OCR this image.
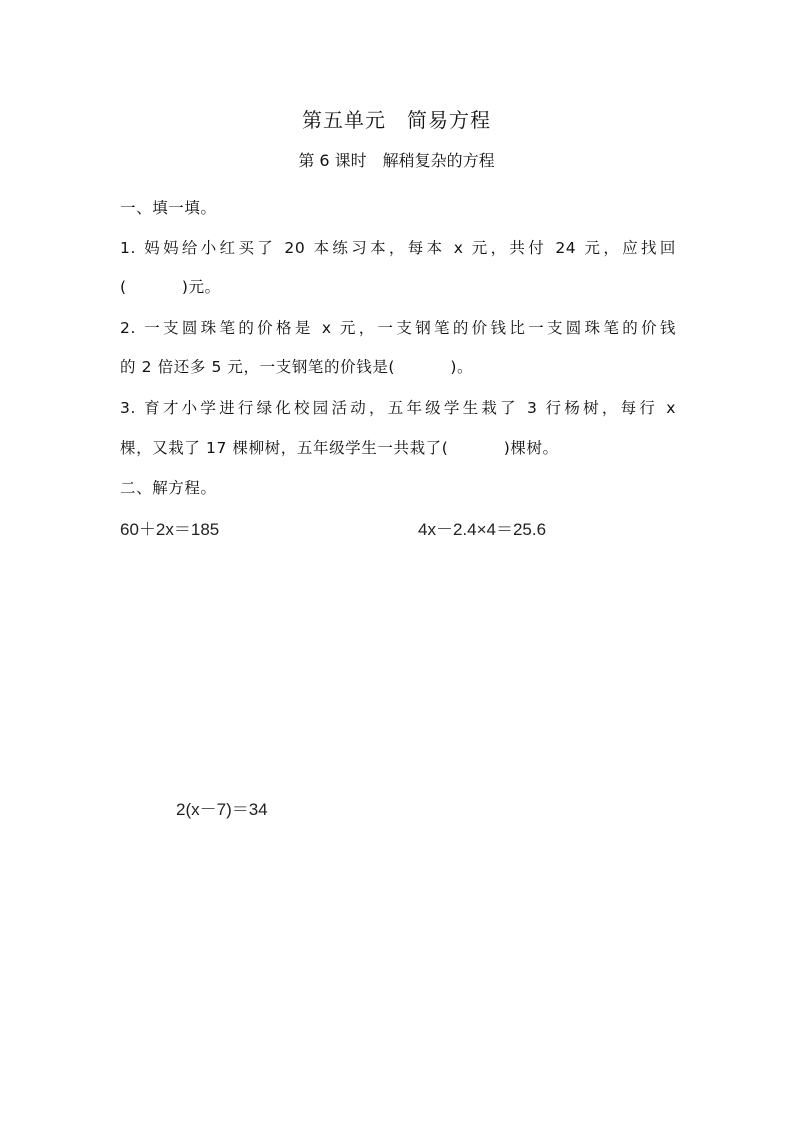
第五单元　简易方程
第 6 课时　解稍复杂的方程
一、填一填。
1. 妈妈给小红买了 20 本练习本，每本 x 元，共付 24 元，应找回
(          )元。
2. 一支圆珠笔的价格是 x 元，一支钢笔的价钱比一支圆珠笔的价钱
的 2 倍还多 5 元，一支钢笔的价钱是(          )。
3. 育才小学进行绿化校园活动，五年级学生栽了 3 行杨树，每行 x
棵，又栽了 17 棵柳树，五年级学生一共栽了(          )棵树。
二、解方程。
60＋2x＝185	4x－2.4×4＝25.6
2(x－7)＝34
